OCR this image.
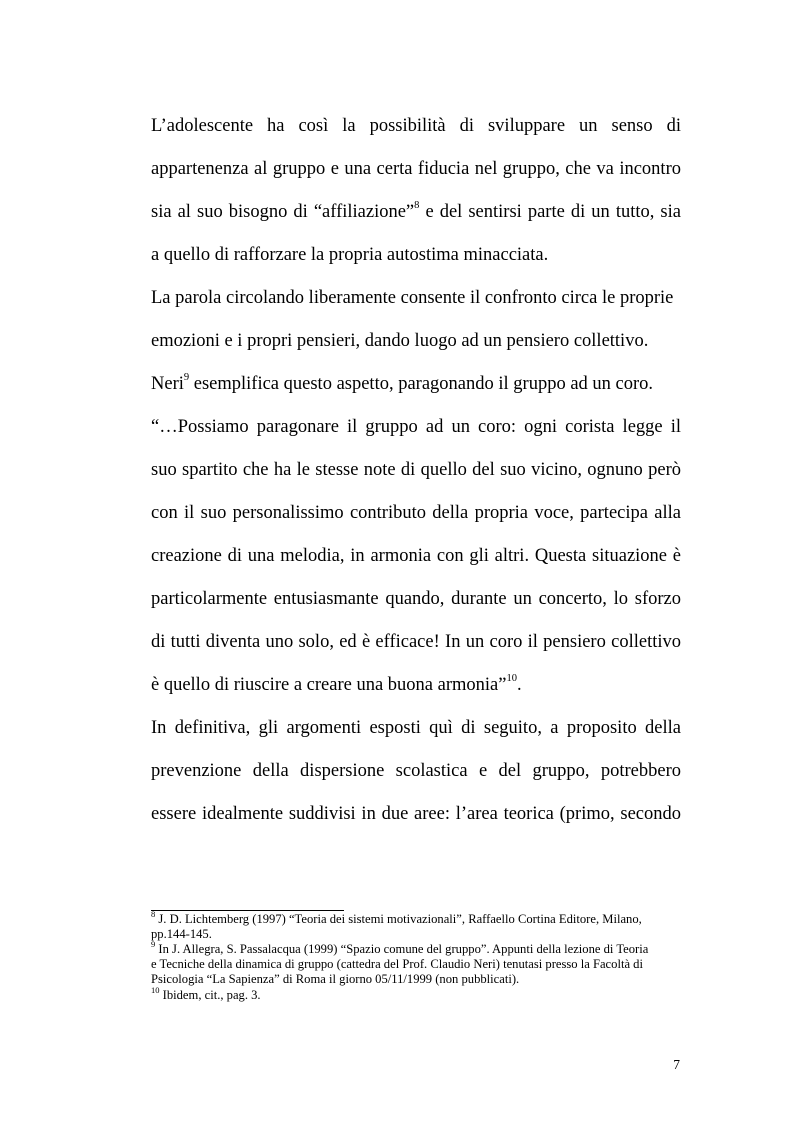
L’adolescente ha così la possibilità di sviluppare un senso di
appartenenza al gruppo e una certa fiducia nel gruppo, che va incontro
sia al suo bisogno di “affiliazione”$^8$ e del sentirsi parte di un tutto, sia
a quello di rafforzare la propria autostima minacciata.
La parola circolando liberamente consente il confronto circa le proprie
emozioni e i propri pensieri, dando luogo ad un pensiero collettivo.
Neri$^9$ esemplifica questo aspetto, paragonando il gruppo ad un coro.
“…Possiamo paragonare il gruppo ad un coro: ogni corista legge il
suo spartito che ha le stesse note di quello del suo vicino, ognuno però
con il suo personalissimo contributo della propria voce, partecipa alla
creazione di una melodia, in armonia con gli altri. Questa situazione è
particolarmente entusiasmante quando, durante un concerto, lo sforzo
di tutti diventa uno solo, ed è efficace! In un coro il pensiero collettivo
è quello di riuscire a creare una buona armonia”$^{10}$.
In definitiva, gli argomenti esposti quì di seguito, a proposito della
prevenzione della dispersione scolastica e del gruppo, potrebbero
essere idealmente suddivisi in due aree: l’area teorica (primo, secondo
$^8$ J. D. Lichtemberg (1997) “Teoria dei sistemi motivazionali”, Raffaello Cortina Editore, Milano,
pp.144-145.
$^9$ In J. Allegra, S. Passalacqua (1999) “Spazio comune del gruppo”. Appunti della lezione di Teoria
e Tecniche della dinamica di gruppo (cattedra del Prof. Claudio Neri) tenutasi presso la Facoltà di
Psicologia “La Sapienza” di Roma il giorno 05/11/1999 (non pubblicati).
$^{10}$ Ibidem, cit., pag. 3.
7
